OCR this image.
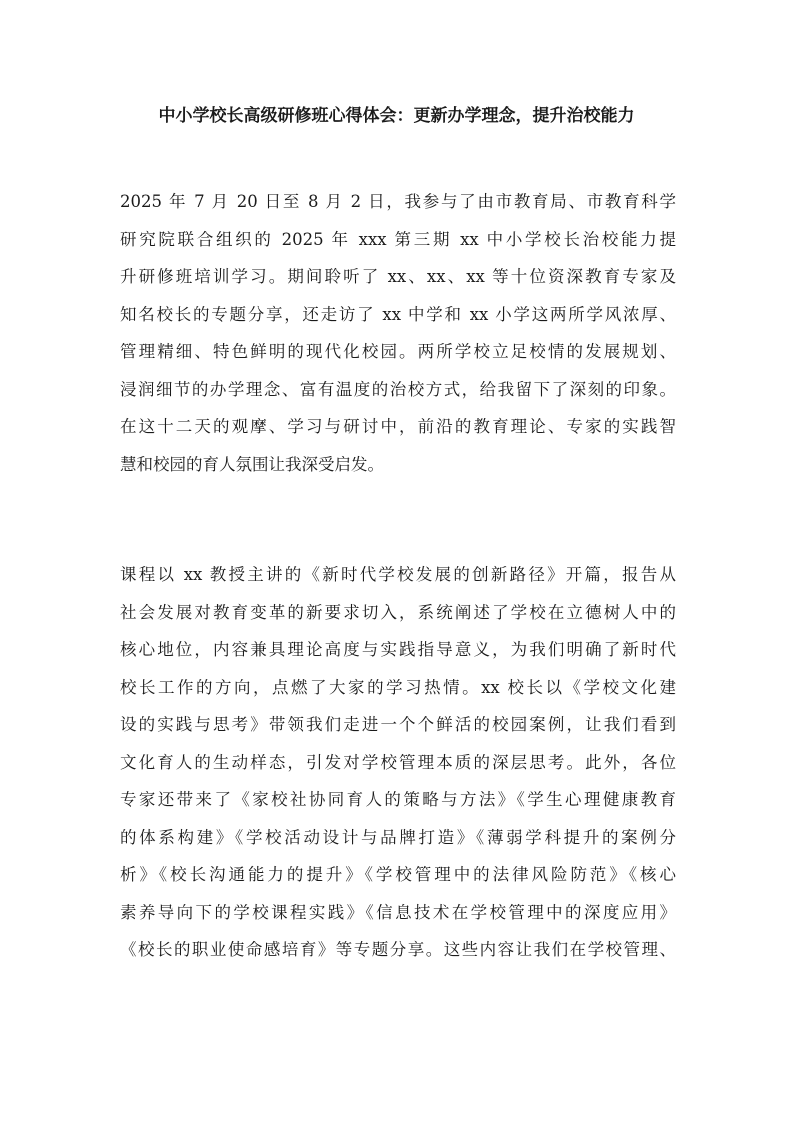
中小学校长高级研修班心得体会：更新办学理念，提升治校能力

2025 年 7 月 20 日至 8 月 2 日，我参与了由市教育局、市教育科学
研究院联合组织的 2025 年 xxx 第三期 xx 中小学校长治校能力提
升研修班培训学习。期间聆听了 xx、xx、xx 等十位资深教育专家及
知名校长的专题分享，还走访了 xx 中学和 xx 小学这两所学风浓厚、
管理精细、特色鲜明的现代化校园。两所学校立足校情的发展规划、
浸润细节的办学理念、富有温度的治校方式，给我留下了深刻的印象。
在这十二天的观摩、学习与研讨中，前沿的教育理论、专家的实践智
慧和校园的育人氛围让我深受启发。

课程以 xx 教授主讲的《新时代学校发展的创新路径》开篇，报告从
社会发展对教育变革的新要求切入，系统阐述了学校在立德树人中的
核心地位，内容兼具理论高度与实践指导意义，为我们明确了新时代
校长工作的方向，点燃了大家的学习热情。xx 校长以《学校文化建
设的实践与思考》带领我们走进一个个鲜活的校园案例，让我们看到
文化育人的生动样态，引发对学校管理本质的深层思考。此外，各位
专家还带来了《家校社协同育人的策略与方法》《学生心理健康教育
的体系构建》《学校活动设计与品牌打造》《薄弱学科提升的案例分
析》《校长沟通能力的提升》《学校管理中的法律风险防范》《核心
素养导向下的学校课程实践》《信息技术在学校管理中的深度应用》
《校长的职业使命感培育》等专题分享。这些内容让我们在学校管理、
